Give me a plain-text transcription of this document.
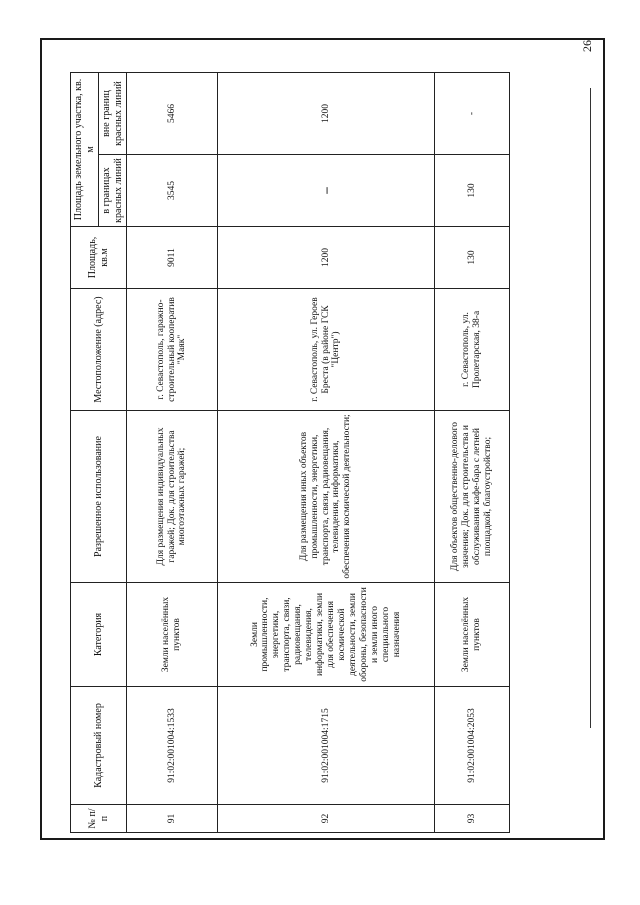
26
№ п/п	Кадастровый номер	Категория	Разрешенное использование	Местоположение (адрес)	Площадь, кв.м	Площадь земельного участка, кв. м	
						в границах красных линий	вне границ красных линий
91	91:02:001004:1533	Земли населённых пунктов	Для размещения индивидуальных гаражей; Док. для строительства многоэтажных гаражей;	г. Севастополь, гаражно-строительный кооператив "Маяк"	9011	3545	5466
92	91:02:001004:1715	Земли промышленности, энергетики, транспорта, связи, радиовещания, телевидения, информатики, земли для обеспечения космической деятельности, земли обороны, безопасности и земли иного специального назначения	Для размещения иных объектов промышленности, энергетики, транспорта, связи, радиовещания, телевидения, информатики, обеспечения космической деятельности;	г. Севастополь, ул. Героев Бреста (в районе ГСК "Центр")	1200	–	1200
93	91:02:001004:2053	Земли населённых пунктов	Для объектов общественно-делового значения; Док. для строительства и обслуживания кафе-бара с летней площадкой, благоустройство;	г. Севастополь, ул. Пролетарская, 38-а	130	130	-
